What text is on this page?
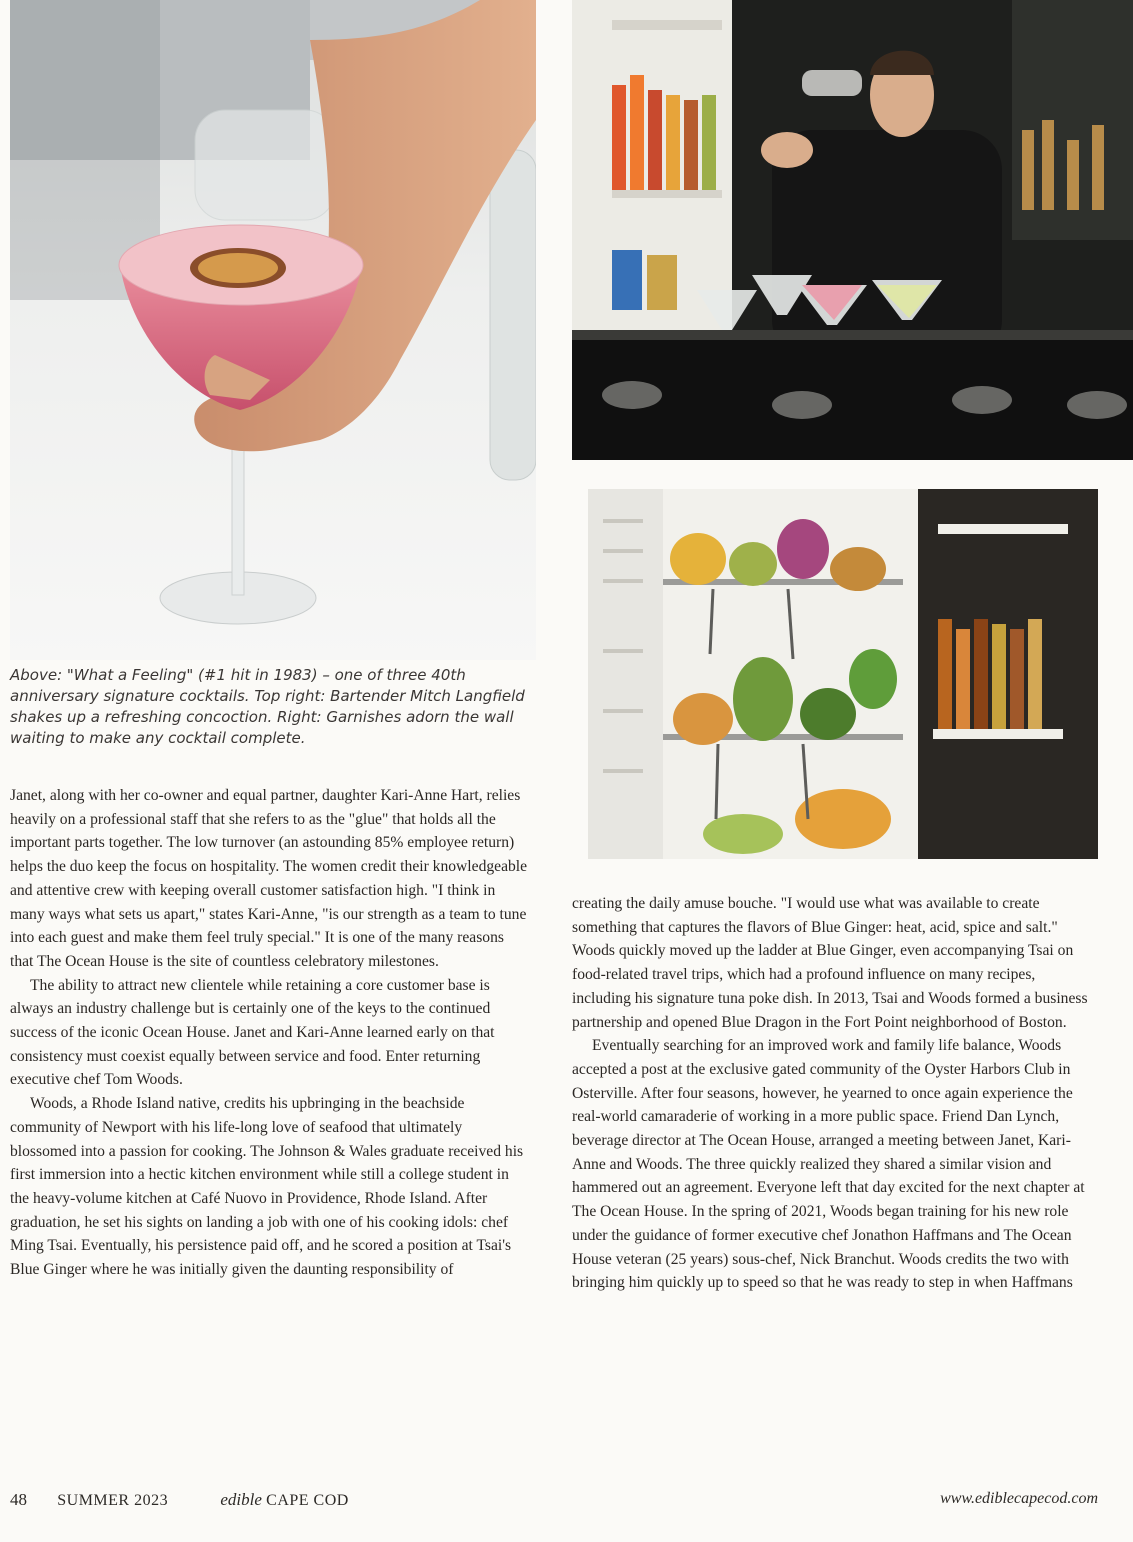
Above: "What a Feeling" (#1 hit in 1983) – one of three 40th anniversary signature cocktails. Top right: Bartender Mitch Langfield shakes up a refreshing concoction. Right: Garnishes adorn the wall waiting to make any cocktail complete.

Janet, along with her co-owner and equal partner, daughter Kari-Anne Hart, relies heavily on a professional staff that she refers to as the "glue" that holds all the important parts together. The low turnover (an astounding 85% employee return) helps the duo keep the focus on hospitality. The women credit their knowledgeable and attentive crew with keeping overall customer satisfaction high. "I think in many ways what sets us apart," states Kari-Anne, "is our strength as a team to tune into each guest and make them feel truly special." It is one of the many reasons that The Ocean House is the site of countless celebratory milestones.

The ability to attract new clientele while retaining a core customer base is always an industry challenge but is certainly one of the keys to the continued success of the iconic Ocean House. Janet and Kari-Anne learned early on that consistency must coexist equally between service and food. Enter returning executive chef Tom Woods.

Woods, a Rhode Island native, credits his upbringing in the beachside community of Newport with his life-long love of seafood that ultimately blossomed into a passion for cooking. The Johnson & Wales graduate received his first immersion into a hectic kitchen environment while still a college student in the heavy-volume kitchen at Café Nuovo in Providence, Rhode Island. After graduation, he set his sights on landing a job with one of his cooking idols: chef Ming Tsai. Eventually, his persistence paid off, and he scored a position at Tsai's Blue Ginger where he was initially given the daunting responsibility of

creating the daily amuse bouche. "I would use what was available to create something that captures the flavors of Blue Ginger: heat, acid, spice and salt." Woods quickly moved up the ladder at Blue Ginger, even accompanying Tsai on food-related travel trips, which had a profound influence on many recipes, including his signature tuna poke dish. In 2013, Tsai and Woods formed a business partnership and opened Blue Dragon in the Fort Point neighborhood of Boston.

Eventually searching for an improved work and family life balance, Woods accepted a post at the exclusive gated community of the Oyster Harbors Club in Osterville. After four seasons, however, he yearned to once again experience the real-world camaraderie of working in a more public space. Friend Dan Lynch, beverage director at The Ocean House, arranged a meeting between Janet, Kari-Anne and Woods. The three quickly realized they shared a similar vision and hammered out an agreement. Everyone left that day excited for the next chapter at The Ocean House. In the spring of 2021, Woods began training for his new role under the guidance of former executive chef Jonathon Haffmans and The Ocean House veteran (25 years) sous-chef, Nick Branchut. Woods credits the two with bringing him quickly up to speed so that he was ready to step in when Haffmans

48 SUMMER 2023	edible CAPE COD	www.ediblecapecod.com
